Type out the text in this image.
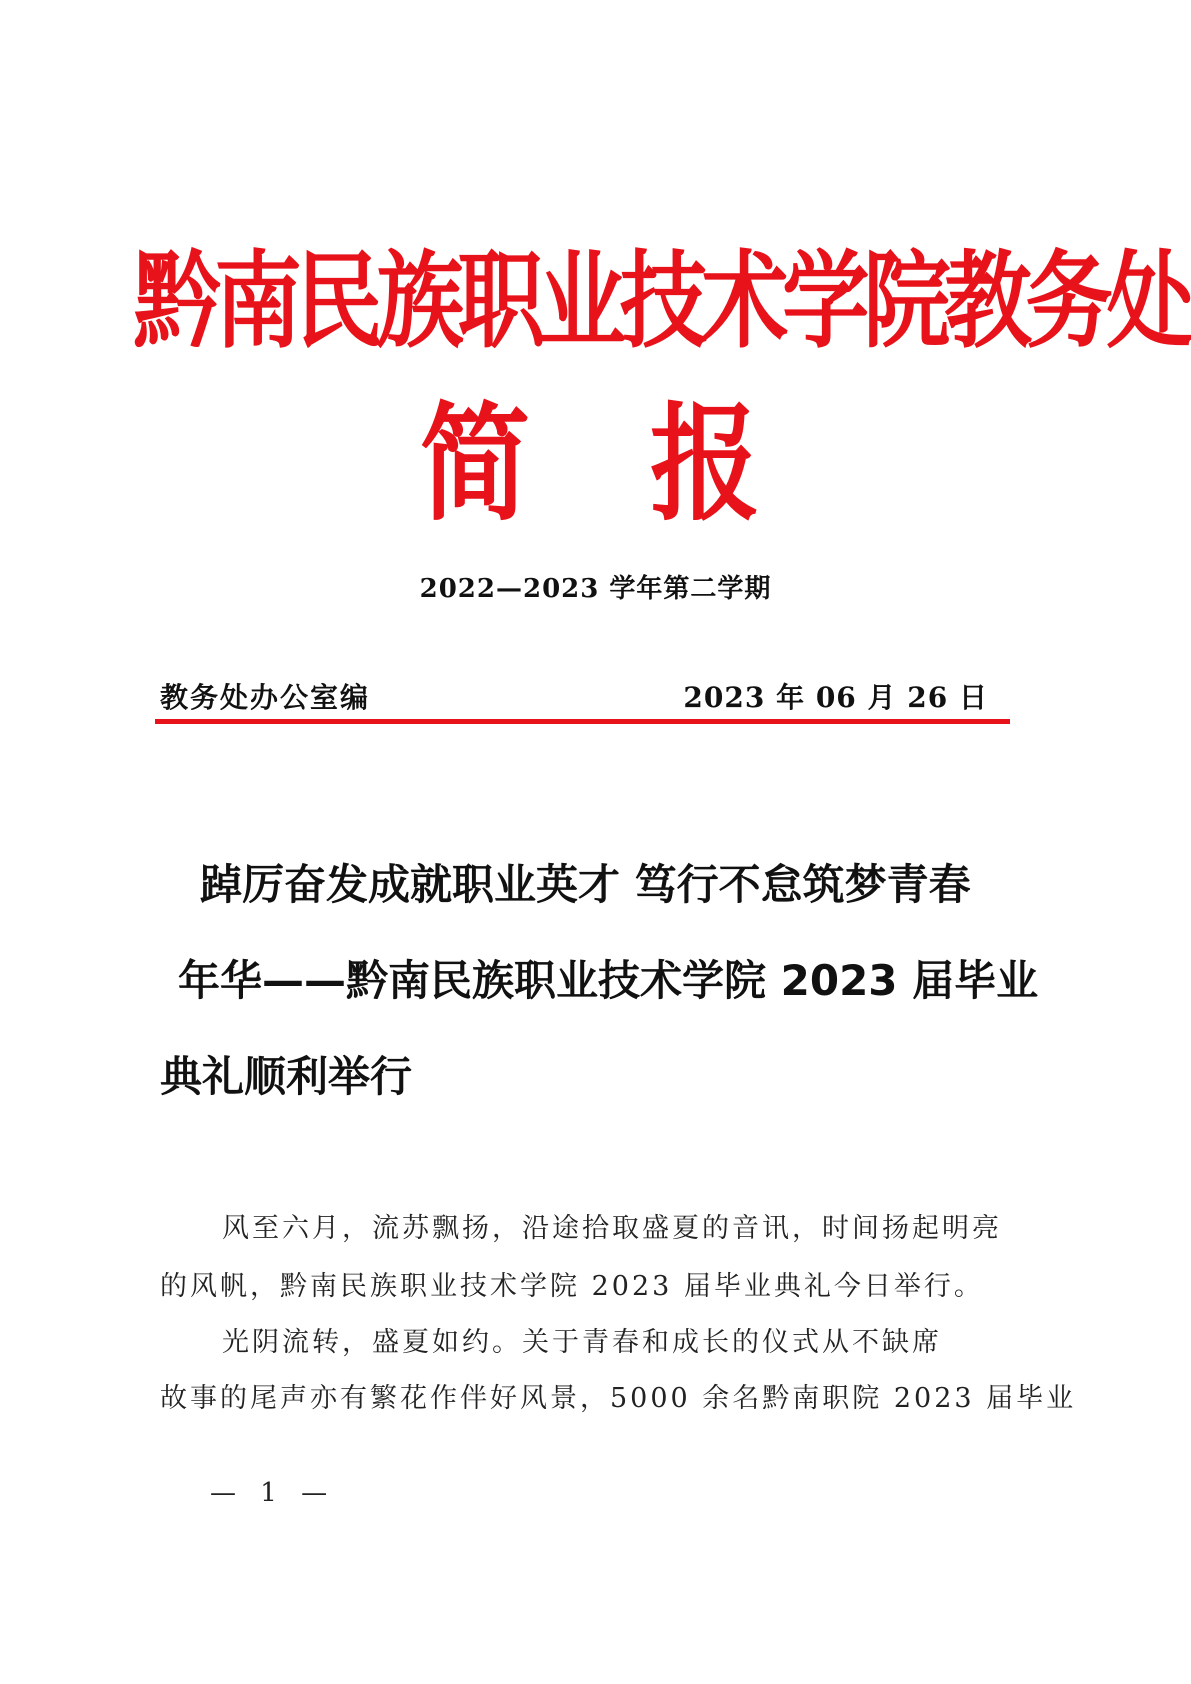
黔南民族职业技术学院教务处
简 报
2022—2023 学年第二学期
教务处办公室编	2023 年 06 月 26 日
踔厉奋发成就职业英才 笃行不怠筑梦青春
年华——黔南民族职业技术学院 2023 届毕业
典礼顺利举行
风至六月，流苏飘扬，沿途拾取盛夏的音讯，时间扬起明亮
的风帆，黔南民族职业技术学院 2023 届毕业典礼今日举行。
光阴流转，盛夏如约。关于青春和成长的仪式从不缺席
故事的尾声亦有繁花作伴好风景，5000 余名黔南职院 2023 届毕业
— 1 —
